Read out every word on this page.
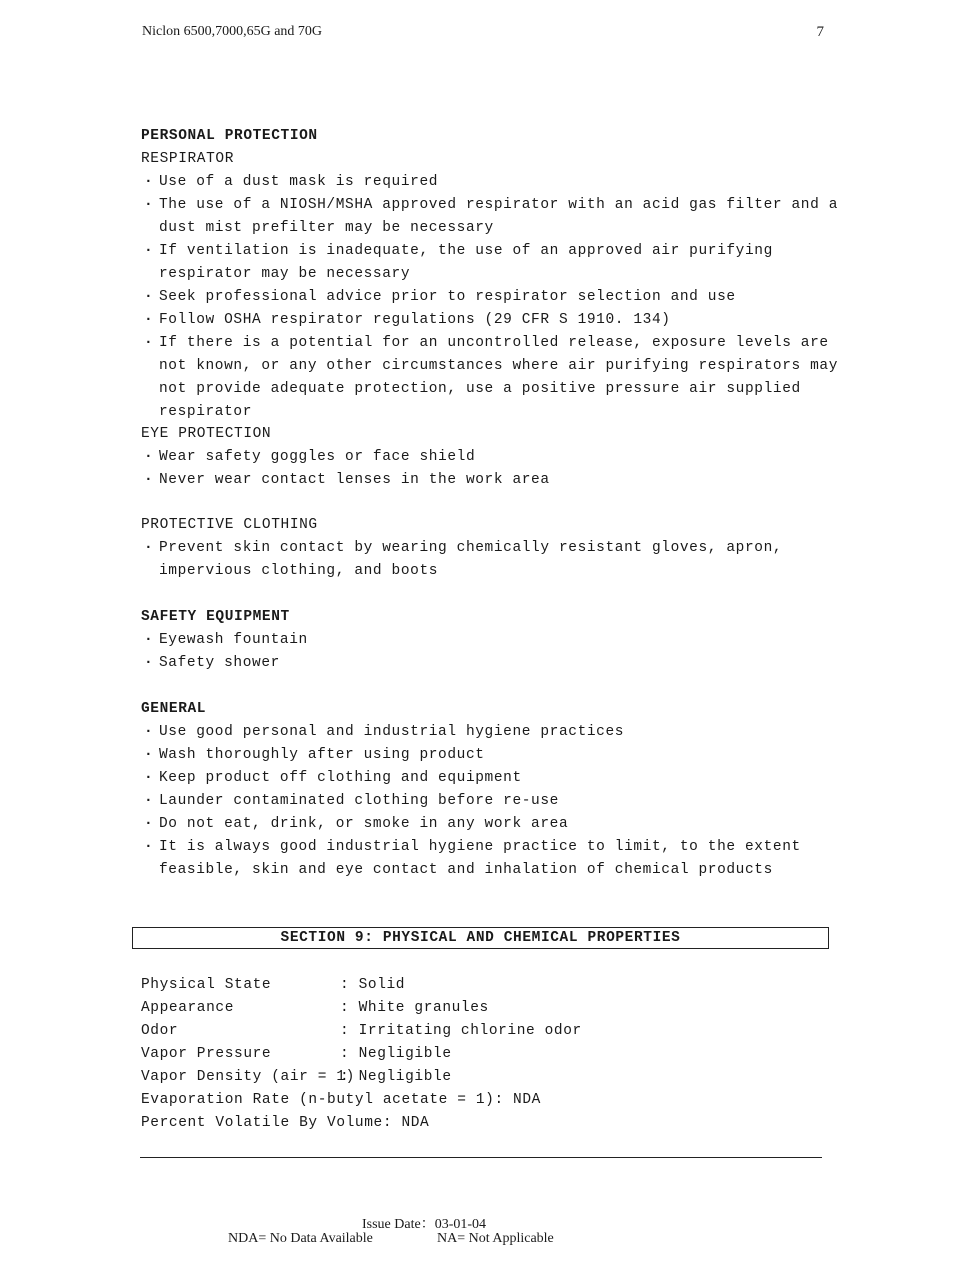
Niclon 6500,7000,65G and 70G	7
PERSONAL PROTECTION
RESPIRATOR
· Use of a dust mask is required
· The use of a NIOSH/MSHA approved respirator with an acid gas filter and a dust mist prefilter may be necessary
· If ventilation is inadequate, the use of an approved air purifying respirator may be necessary
· Seek professional advice prior to respirator selection and use
· Follow OSHA respirator regulations (29 CFR S 1910. 134)
· If there is a potential for an uncontrolled release, exposure levels are not known, or any other circumstances where air purifying respirators may not provide adequate protection, use a positive pressure air supplied respirator
EYE PROTECTION
· Wear safety goggles or face shield
· Never wear contact lenses in the work area
PROTECTIVE CLOTHING
· Prevent skin contact by wearing chemically resistant gloves, apron, impervious clothing, and boots
SAFETY EQUIPMENT
· Eyewash fountain
· Safety shower
GENERAL
· Use good personal and industrial hygiene practices
· Wash thoroughly after using product
· Keep product off clothing and equipment
· Launder contaminated clothing before re-use
· Do not eat, drink, or smoke in any work area
· It is always good industrial hygiene practice to limit, to the extent feasible, skin and eye contact and inhalation of chemical products
SECTION 9: PHYSICAL AND CHEMICAL PROPERTIES
Physical State	: Solid
Appearance	: White granules
Odor	: Irritating chlorine odor
Vapor Pressure	: Negligible
Vapor Density (air = 1): Negligible
Evaporation Rate (n-butyl acetate = 1): NDA
Percent Volatile By Volume: NDA
Issue Date：03-01-04
NDA= No Data Available	NA= Not Applicable
